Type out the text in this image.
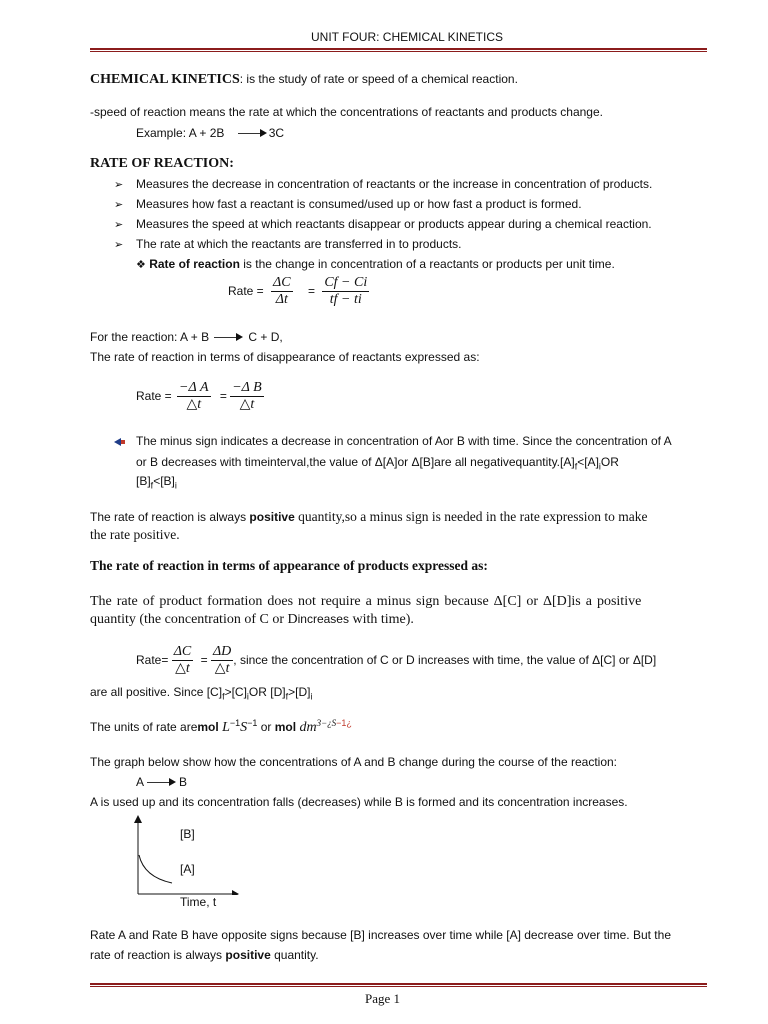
UNIT FOUR: CHEMICAL KINETICS
CHEMICAL KINETICS: is the study of rate or speed of a chemical reaction.
-speed of reaction means the rate at which the concentrations of reactants and products change.
Example: A + 2B → 3C
RATE OF REACTION:
➢ Measures the decrease in concentration of reactants or the increase in concentration of products.
➢ Measures how fast a reactant is consumed/used up or how fast a product is formed.
➢ Measures the speed at which reactants disappear or products appear during a chemical reaction.
➢ The rate at which the reactants are transferred in to products.
❖ Rate of reaction is the change in concentration of a reactants or products per unit time.
Rate = $\frac{\Delta C}{\Delta t} = \frac{Cf - Ci}{tf - ti}$
For the reaction: A + B → C + D,
The rate of reaction in terms of disappearance of reactants expressed as:
Rate = $\frac{\text{−Δ A}}{\triangle t} = \frac{\text{−Δ B}}{\triangle t}$
The minus sign indicates a decrease in concentration of Aor B with time. Since the concentration of A
or B decreases with timeinterval,the value of Δ[A]or Δ[B]are all $negativequantity.[A]_f<[A]_iOR$
$[B]_f<[B]_i$
The rate of reaction is always positive quantity,so a minus sign is needed in the rate expression to make
the rate positive.
The rate of reaction in terms of appearance of products expressed as:
The rate of product formation does not require a minus sign because Δ[C] or Δ[D]is a positive
quantity (the concentration of C or Dincreases with time).
Rate= $\frac{\Delta C}{\triangle t} = \frac{\Delta D}{\triangle t}$ , since the concentration of C or D increases with time, the value of Δ[C] or Δ[D]
are all positive. Since $[C]_f>[C]_iOR$ $[D]_f>[D]_i$
The units of rate aremol $L^{-1}S^{-1}$ or mol $dm^{3-¿S-1¿}$
The graph below show how the concentrations of A and B change during the course of the reaction:
A → B
A is used up and its concentration falls (decreases) while B is formed and its concentration increases.
[B]
[A]
Time, t
Rate A and Rate B have opposite signs because [B] increases over time while [A] decrease over time. But the
rate of reaction is always positive quantity.
Page 1
